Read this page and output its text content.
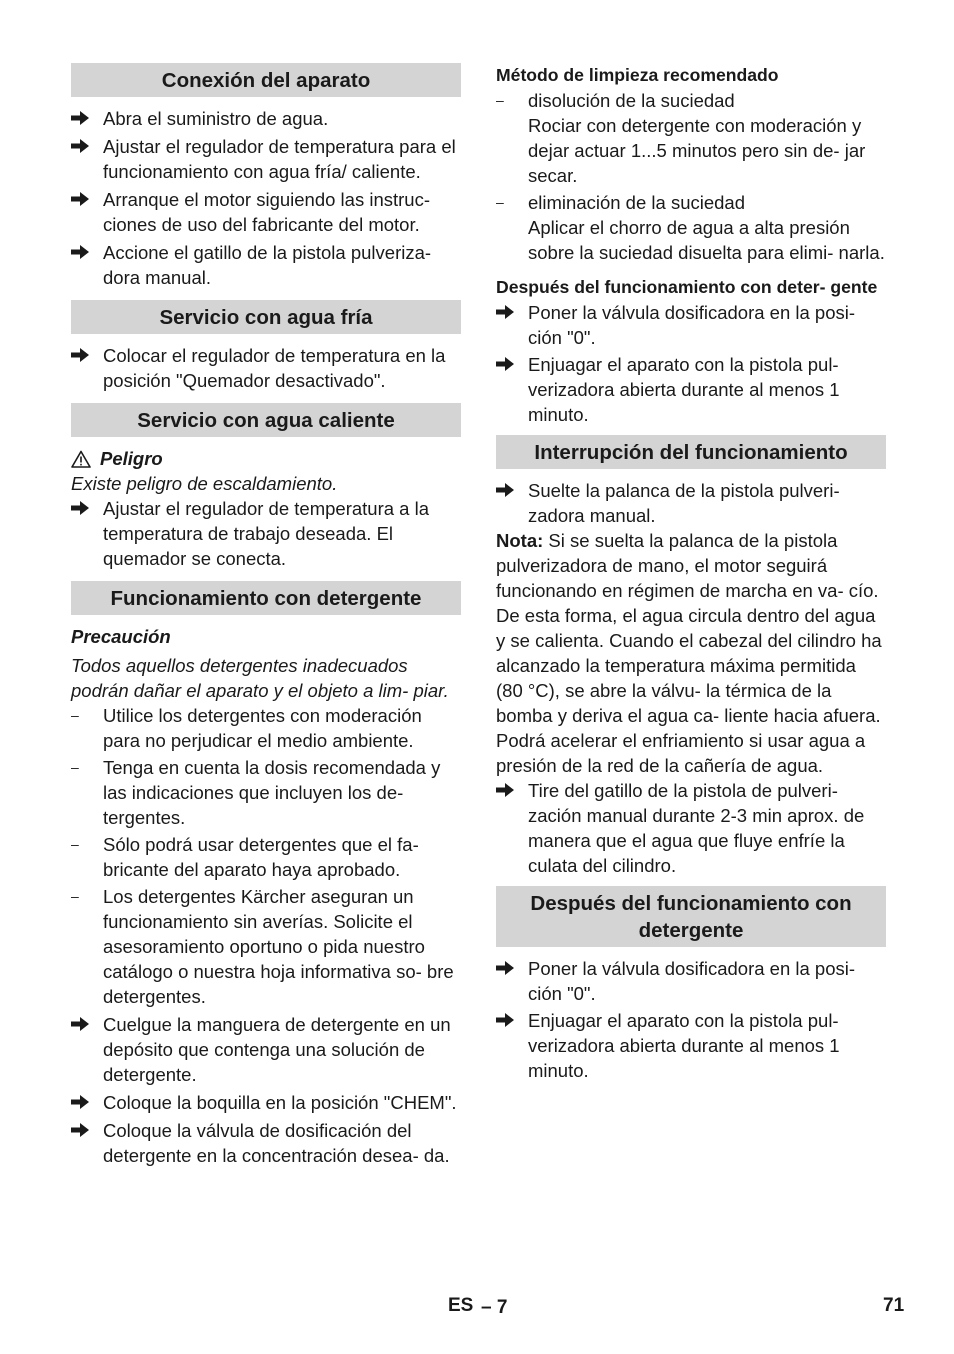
Conexión del aparato
Abra el suministro de agua.
Ajustar el regulador de temperatura para el funcionamiento con agua fría/ caliente.
Arranque el motor siguiendo las instruc- ciones de uso del fabricante del motor.
Accione el gatillo de la pistola pulveriza- dora manual.
Servicio con agua fría
Colocar el regulador de temperatura en la posición "Quemador desactivado".
Servicio con agua caliente
Peligro
Existe peligro de escaldamiento.
Ajustar el regulador de temperatura a la temperatura de trabajo deseada. El quemador se conecta.
Funcionamiento con detergente
Precaución
Todos aquellos detergentes inadecuados podrán dañar el aparato y el objeto a lim- piar.
– Utilice los detergentes con moderación para no perjudicar el medio ambiente.
– Tenga en cuenta la dosis recomendada y las indicaciones que incluyen los de- tergentes.
– Sólo podrá usar detergentes que el fa- bricante del aparato haya aprobado.
– Los detergentes Kärcher aseguran un funcionamiento sin averías. Solicite el asesoramiento oportuno o pida nuestro catálogo o nuestra hoja informativa so- bre detergentes.
Cuelgue la manguera de detergente en un depósito que contenga una solución de detergente.
Coloque la boquilla en la posición "CHEM".
Coloque la válvula de dosificación del detergente en la concentración desea- da.
Método de limpieza recomendado
– disolución de la suciedad
Rociar con detergente con moderación y dejar actuar 1...5 minutos pero sin de- jar secar.
– eliminación de la suciedad
Aplicar el chorro de agua a alta presión sobre la suciedad disuelta para elimi- narla.
Después del funcionamiento con deter- gente
Poner la válvula dosificadora en la posi- ción "0".
Enjuagar el aparato con la pistola pul- verizadora abierta durante al menos 1 minuto.
Interrupción del funcionamiento
Suelte la palanca de la pistola pulveri- zadora manual.
Nota: Si se suelta la palanca de la pistola pulverizadora de mano, el motor seguirá funcionando en régimen de marcha en va- cío. De esta forma, el agua circula dentro del agua y se calienta. Cuando el cabezal del cilindro ha alcanzado la temperatura máxima permitida (80 °C), se abre la válvu- la térmica de la bomba y deriva el agua ca- liente hacia afuera.
Podrá acelerar el enfriamiento si usar agua a presión de la red de la cañería de agua.
Tire del gatillo de la pistola de pulveri- zación manual durante 2-3 min aprox. de manera que el agua que fluye enfríe la culata del cilindro.
Después del funcionamiento con detergente
Poner la válvula dosificadora en la posi- ción "0".
Enjuagar el aparato con la pistola pul- verizadora abierta durante al menos 1 minuto.
ES – 7	71
